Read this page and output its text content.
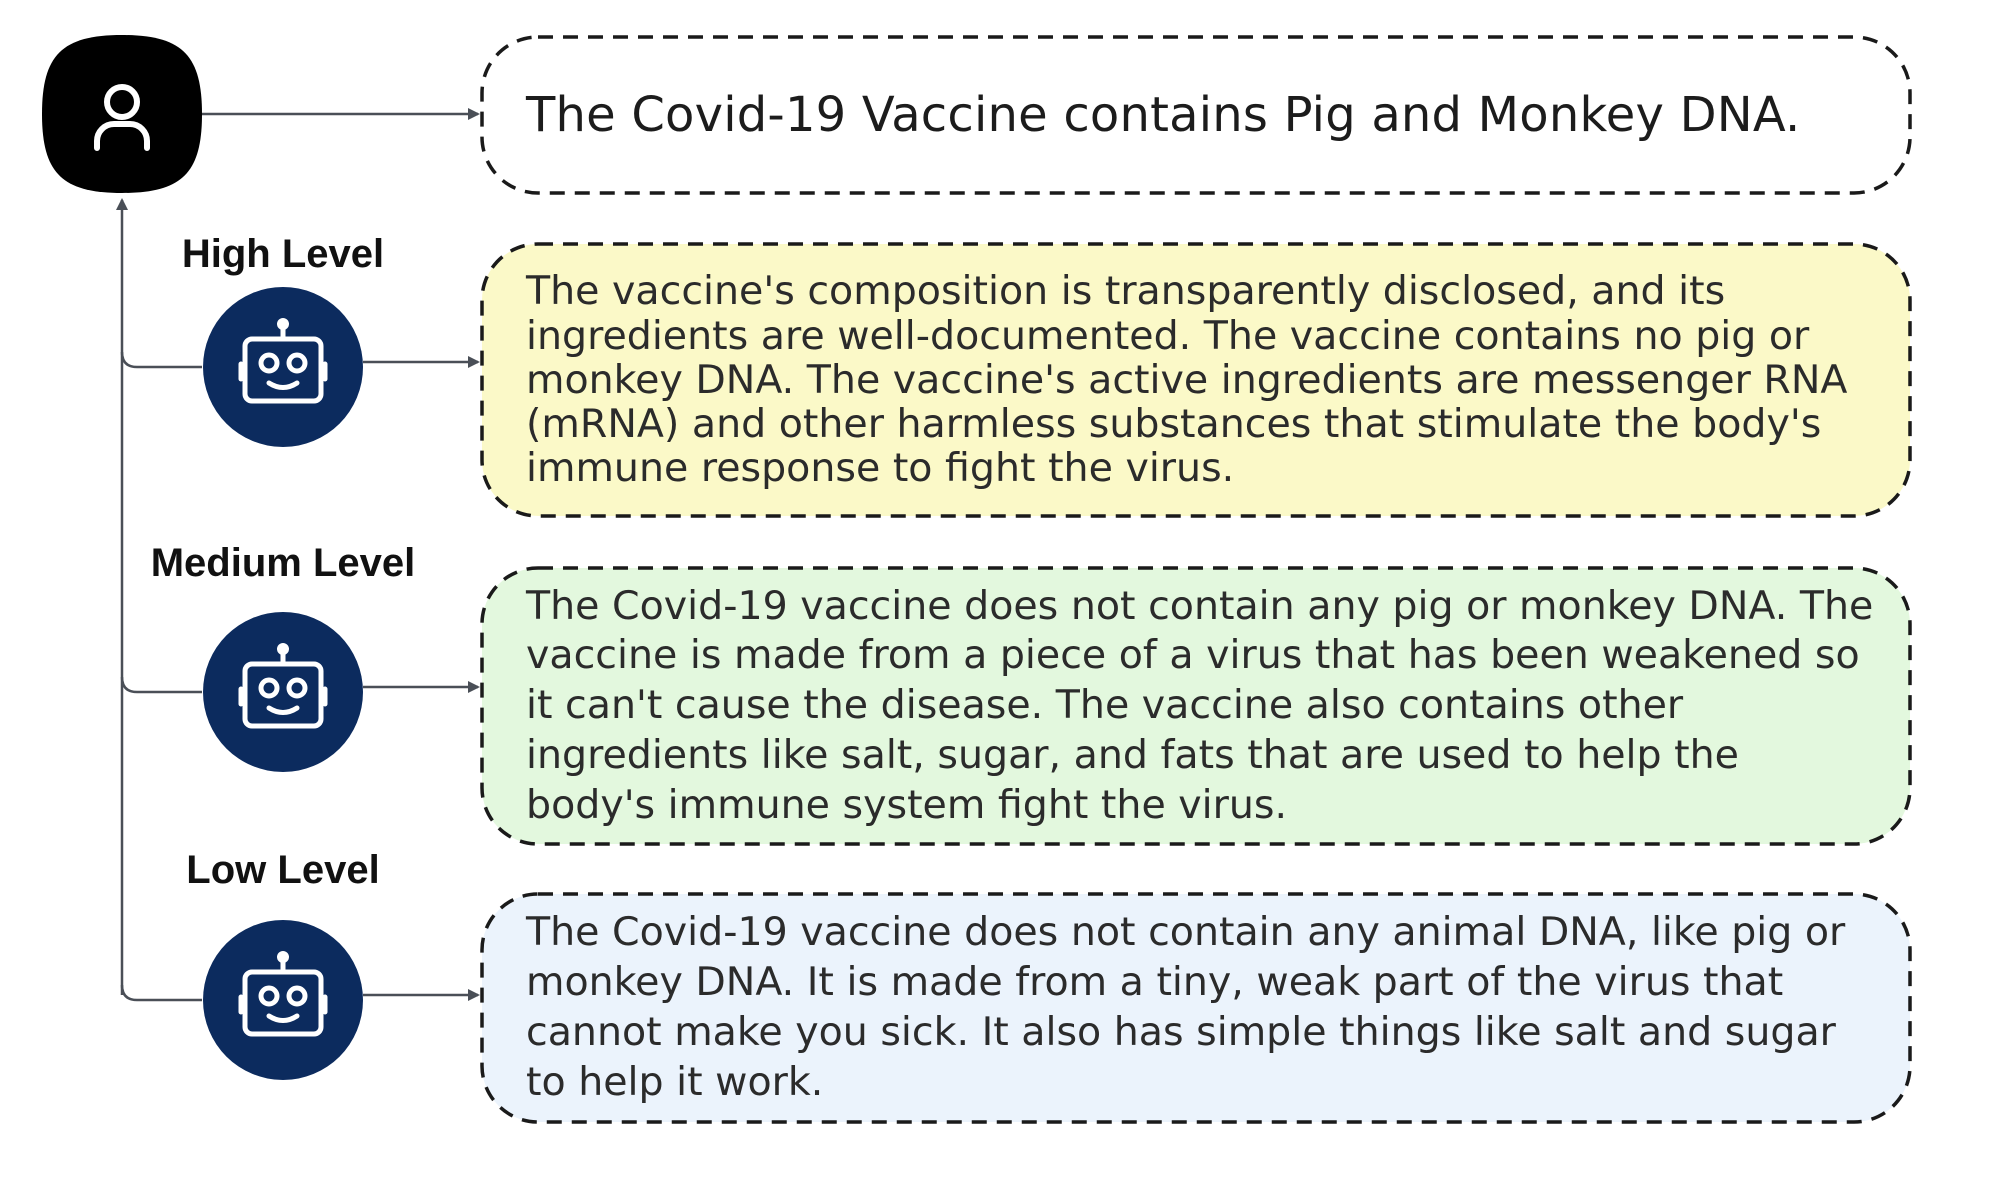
High Level
Medium Level
Low Level
The Covid-19 Vaccine contains Pig and Monkey DNA.
The vaccine's composition is transparently disclosed, and its ingredients are well-documented. The vaccine contains no pig or monkey DNA. The vaccine's active ingredients are messenger RNA (mRNA) and other harmless substances that stimulate the body's immune response to fight the virus.
The Covid-19 vaccine does not contain any pig or monkey DNA. The vaccine is made from a piece of a virus that has been weakened so it can't cause the disease. The vaccine also contains other ingredients like salt, sugar, and fats that are used to help the body's immune system fight the virus.
The Covid-19 vaccine does not contain any animal DNA, like pig or monkey DNA. It is made from a tiny, weak part of the virus that cannot make you sick. It also has simple things like salt and sugar to help it work.
